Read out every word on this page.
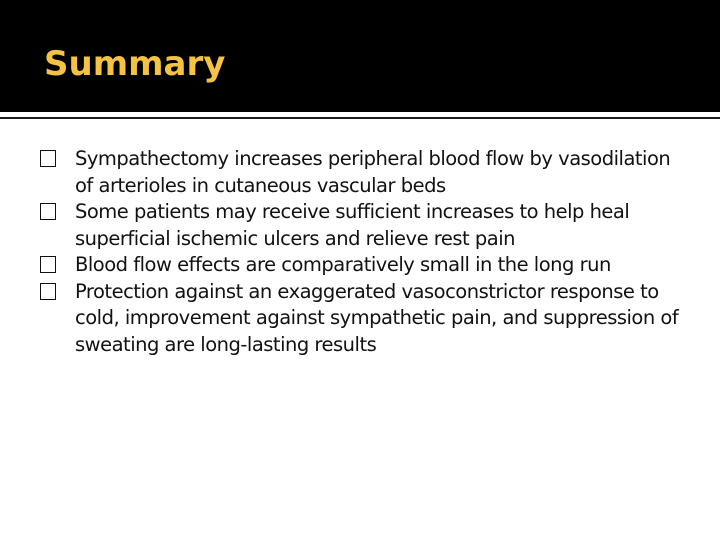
Summary
Sympathectomy increases peripheral blood flow by vasodilation of arterioles in cutaneous vascular beds
Some patients may receive sufficient increases to help heal superficial ischemic ulcers and relieve rest pain
Blood flow effects are comparatively small in the long run
Protection against an exaggerated vasoconstrictor response to cold, improvement against sympathetic pain, and suppression of sweating are long-lasting results
